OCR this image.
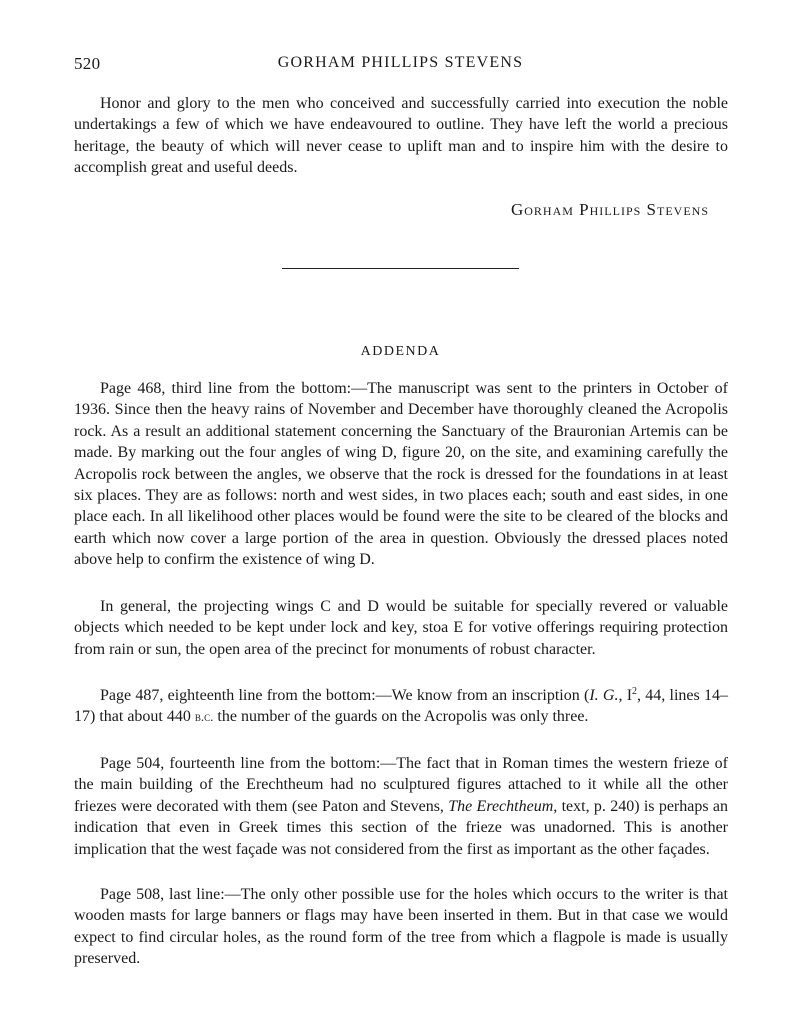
520	GORHAM PHILLIPS STEVENS

Honor and glory to the men who conceived and successfully carried into execution the noble undertakings a few of which we have endeavoured to outline. They have left the world a precious heritage, the beauty of which will never cease to uplift man and to inspire him with the desire to accomplish great and useful deeds.

Gorham Phillips Stevens
ADDENDA

Page 468, third line from the bottom:—The manuscript was sent to the printers in October of 1936. Since then the heavy rains of November and December have thoroughly cleaned the Acropolis rock. As a result an additional statement concerning the Sanctuary of the Brauronian Artemis can be made. By marking out the four angles of wing D, figure 20, on the site, and examining carefully the Acropolis rock between the angles, we observe that the rock is dressed for the foundations in at least six places. They are as follows: north and west sides, in two places each; south and east sides, in one place each. In all likelihood other places would be found were the site to be cleared of the blocks and earth which now cover a large portion of the area in question. Obviously the dressed places noted above help to confirm the existence of wing D.

In general, the projecting wings C and D would be suitable for specially revered or valuable objects which needed to be kept under lock and key, stoa E for votive offerings requiring protection from rain or sun, the open area of the precinct for monuments of robust character.

Page 487, eighteenth line from the bottom:—We know from an inscription (I. G., $I^2$, 44, lines 14–17) that about 440 b.c. the number of the guards on the Acropolis was only three.

Page 504, fourteenth line from the bottom:—The fact that in Roman times the western frieze of the main building of the Erechtheum had no sculptured figures attached to it while all the other friezes were decorated with them (see Paton and Stevens, The Erechtheum, text, p. 240) is perhaps an indication that even in Greek times this section of the frieze was unadorned. This is another implication that the west façade was not considered from the first as important as the other façades.

Page 508, last line:—The only other possible use for the holes which occurs to the writer is that wooden masts for large banners or flags may have been inserted in them. But in that case we would expect to find circular holes, as the round form of the tree from which a flagpole is made is usually preserved.
